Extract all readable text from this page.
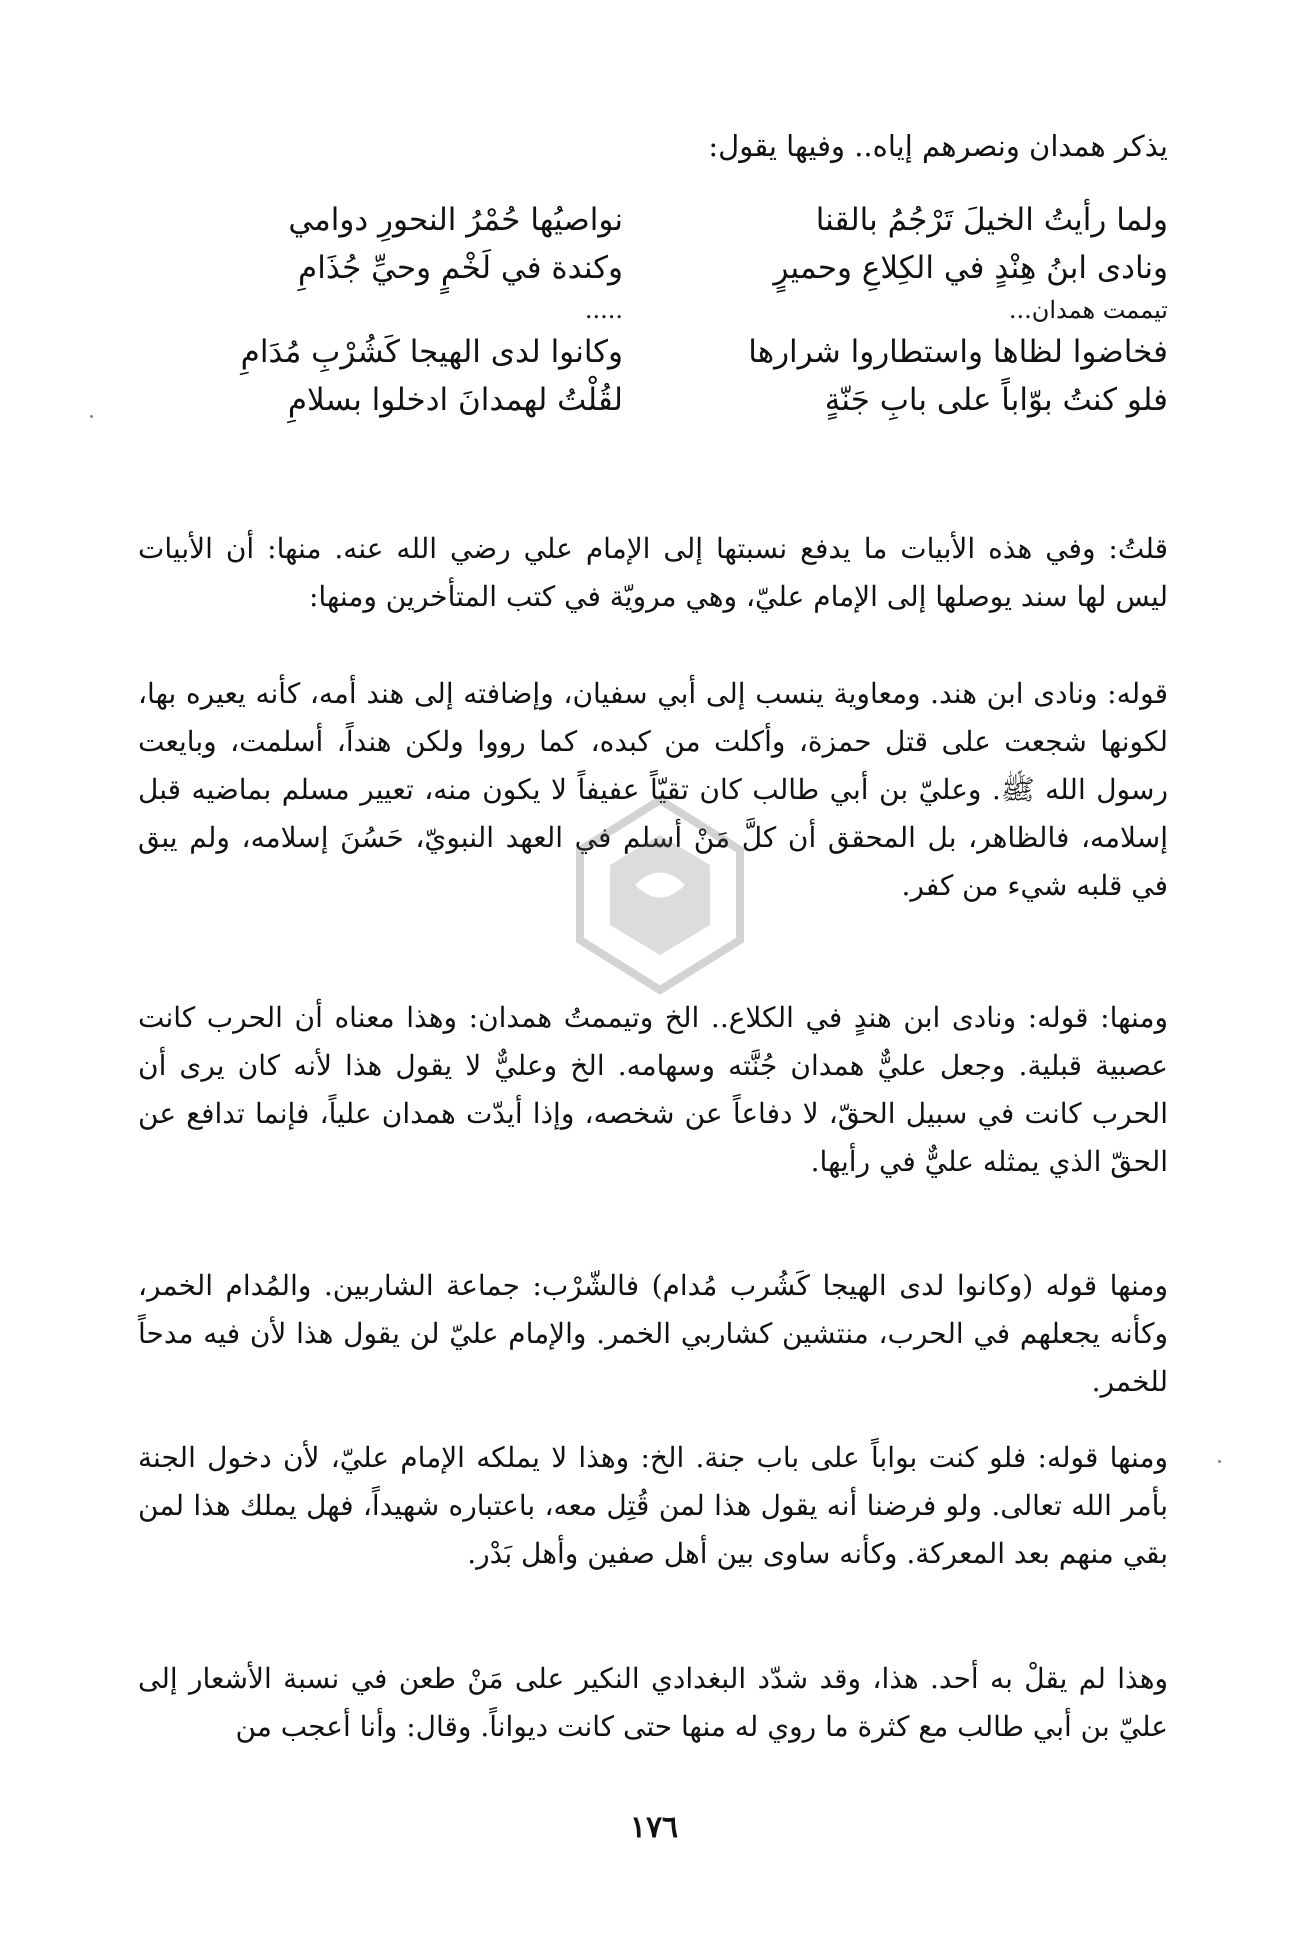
يذكر همدان ونصرهم إياه.. وفيها يقول:

ولما رأيتُ الخيلَ تَرْجُمُ بالقنا
نواصيُها حُمْرُ النحورِ دوامي
ونادى ابنُ هِنْدٍ في الكِلاعِ وحميرٍ
وكندة في لَخْمٍ وحيِّ جُذَامِ
تيممت همدان...
.....
فخاضوا لظاها واستطاروا شرارها
وكانوا لدى الهيجا كَشُرْبِ مُدَامِ
فلو كنتُ بوّاباً على بابِ جَنّةٍ
لقُلْتُ لهمدانَ ادخلوا بسلامِ

قلتُ: وفي هذه الأبيات ما يدفع نسبتها إلى الإمام علي رضي الله عنه. منها: أن الأبيات ليس لها سند يوصلها إلى الإمام عليّ، وهي مرويّة في كتب المتأخرين ومنها:

قوله: ونادى ابن هند. ومعاوية ينسب إلى أبي سفيان، وإضافته إلى هند أمه، كأنه يعيره بها، لكونها شجعت على قتل حمزة، وأكلت من كبده، كما رووا ولكن هنداً، أسلمت، وبايعت رسول الله ﷺ. وعليّ بن أبي طالب كان تقيّاً عفيفاً لا يكون منه، تعيير مسلم بماضيه قبل إسلامه، فالظاهر، بل المحقق أن كلَّ مَنْ أسلم في العهد النبويّ، حَسُنَ إسلامه، ولم يبق في قلبه شيء من كفر.

ومنها: قوله: ونادى ابن هندٍ في الكلاع.. الخ وتيممتُ همدان: وهذا معناه أن الحرب كانت عصبية قبلية. وجعل عليٌّ همدان جُنَّته وسهامه. الخ وعليٌّ لا يقول هذا لأنه كان يرى أن الحرب كانت في سبيل الحقّ، لا دفاعاً عن شخصه، وإذا أيدّت همدان علياً، فإنما تدافع عن الحقّ الذي يمثله عليٌّ في رأيها.

ومنها قوله (وكانوا لدى الهيجا كَشُرب مُدام) فالشّرْب: جماعة الشاربين. والمُدام الخمر، وكأنه يجعلهم في الحرب، منتشين كشاربي الخمر. والإمام عليّ لن يقول هذا لأن فيه مدحاً للخمر.

ومنها قوله: فلو كنت بواباً على باب جنة. الخ: وهذا لا يملكه الإمام عليّ، لأن دخول الجنة بأمر الله تعالى. ولو فرضنا أنه يقول هذا لمن قُتِل معه، باعتباره شهيداً، فهل يملك هذا لمن بقي منهم بعد المعركة. وكأنه ساوى بين أهل صفين وأهل بَدْر.

وهذا لم يقلْ به أحد. هذا، وقد شدّد البغدادي النكير على مَنْ طعن في نسبة الأشعار إلى عليّ بن أبي طالب مع كثرة ما روي له منها حتى كانت ديواناً. وقال: وأنا أعجب من

١٧٦
